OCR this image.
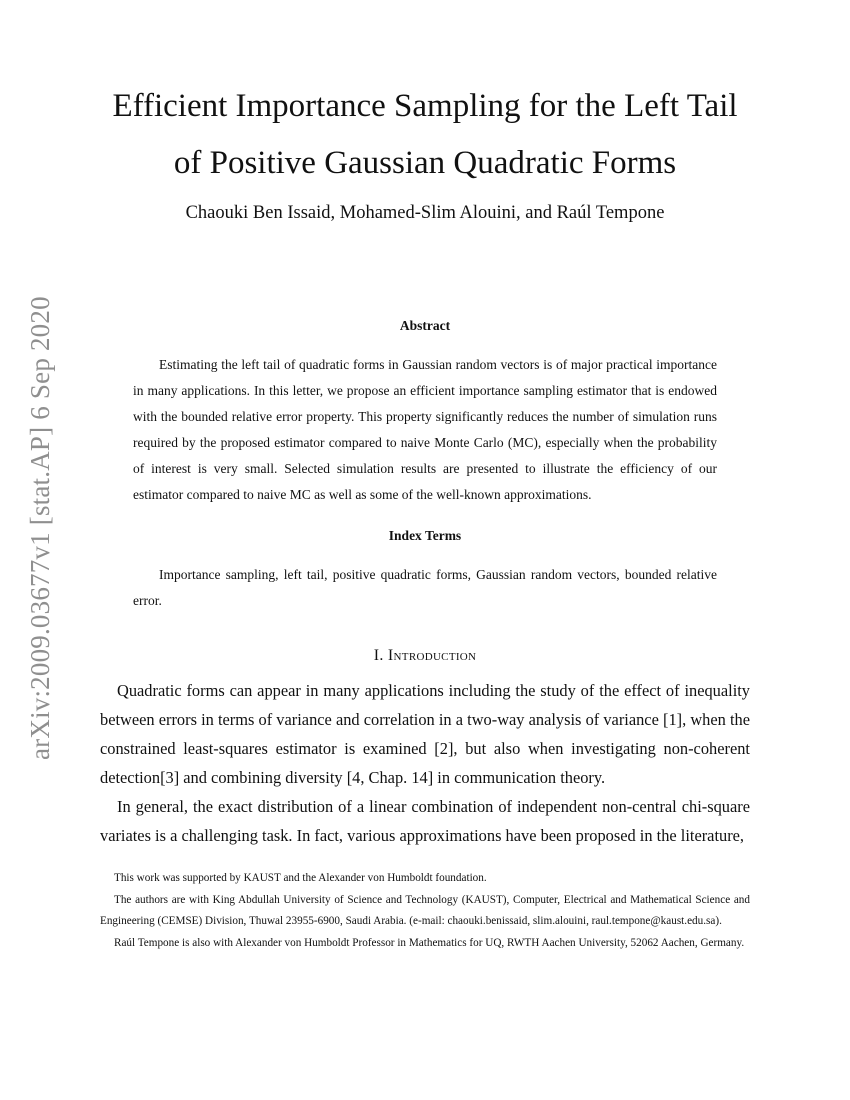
arXiv:2009.03677v1 [stat.AP] 6 Sep 2020
Efficient Importance Sampling for the Left Tail
of Positive Gaussian Quadratic Forms
Chaouki Ben Issaid, Mohamed-Slim Alouini, and Raúl Tempone
Abstract
Estimating the left tail of quadratic forms in Gaussian random vectors is of major practical importance in many applications. In this letter, we propose an efficient importance sampling estimator that is endowed with the bounded relative error property. This property significantly reduces the number of simulation runs required by the proposed estimator compared to naive Monte Carlo (MC), especially when the probability of interest is very small. Selected simulation results are presented to illustrate the efficiency of our estimator compared to naive MC as well as some of the well-known approximations.
Index Terms
Importance sampling, left tail, positive quadratic forms, Gaussian random vectors, bounded relative error.
I. Introduction

Quadratic forms can appear in many applications including the study of the effect of inequality between errors in terms of variance and correlation in a two-way analysis of variance [1], when the constrained least-squares estimator is examined [2], but also when investigating non-coherent detection[3] and combining diversity [4, Chap. 14] in communication theory.

In general, the exact distribution of a linear combination of independent non-central chi-square variates is a challenging task. In fact, various approximations have been proposed in the literature,

This work was supported by KAUST and the Alexander von Humboldt foundation.

The authors are with King Abdullah University of Science and Technology (KAUST), Computer, Electrical and Mathematical Science and Engineering (CEMSE) Division, Thuwal 23955-6900, Saudi Arabia. (e-mail: chaouki.benissaid, slim.alouini, raul.tempone@kaust.edu.sa).

Raúl Tempone is also with Alexander von Humboldt Professor in Mathematics for UQ, RWTH Aachen University, 52062 Aachen, Germany.
